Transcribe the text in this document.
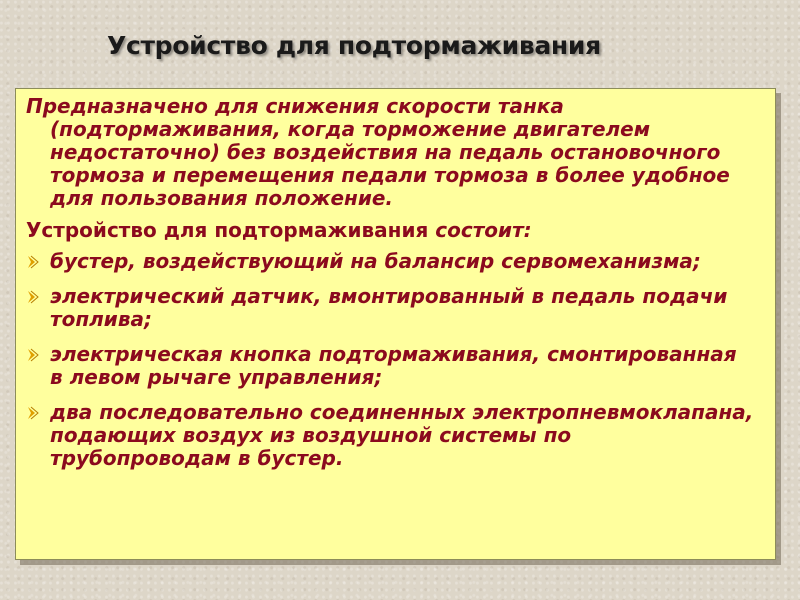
Устройство для подтормаживания

Предназначено для снижения скорости танка (подтормаживания, когда торможение двигателем недостаточно) без воздействия на педаль остановочного тормоза и перемещения педали тормоза в более удобное для пользования положение.

Устройство для подтормаживания состоит:

бустер, воздействующий на балансир сервомеханизма;
электрический датчик, вмонтированный в педаль подачи топлива;
электрическая кнопка подтормаживания, смонтированная в левом рычаге управления;
два последовательно соединенных электропневмоклапана, подающих воздух из воздушной системы по трубопроводам в бустер.
